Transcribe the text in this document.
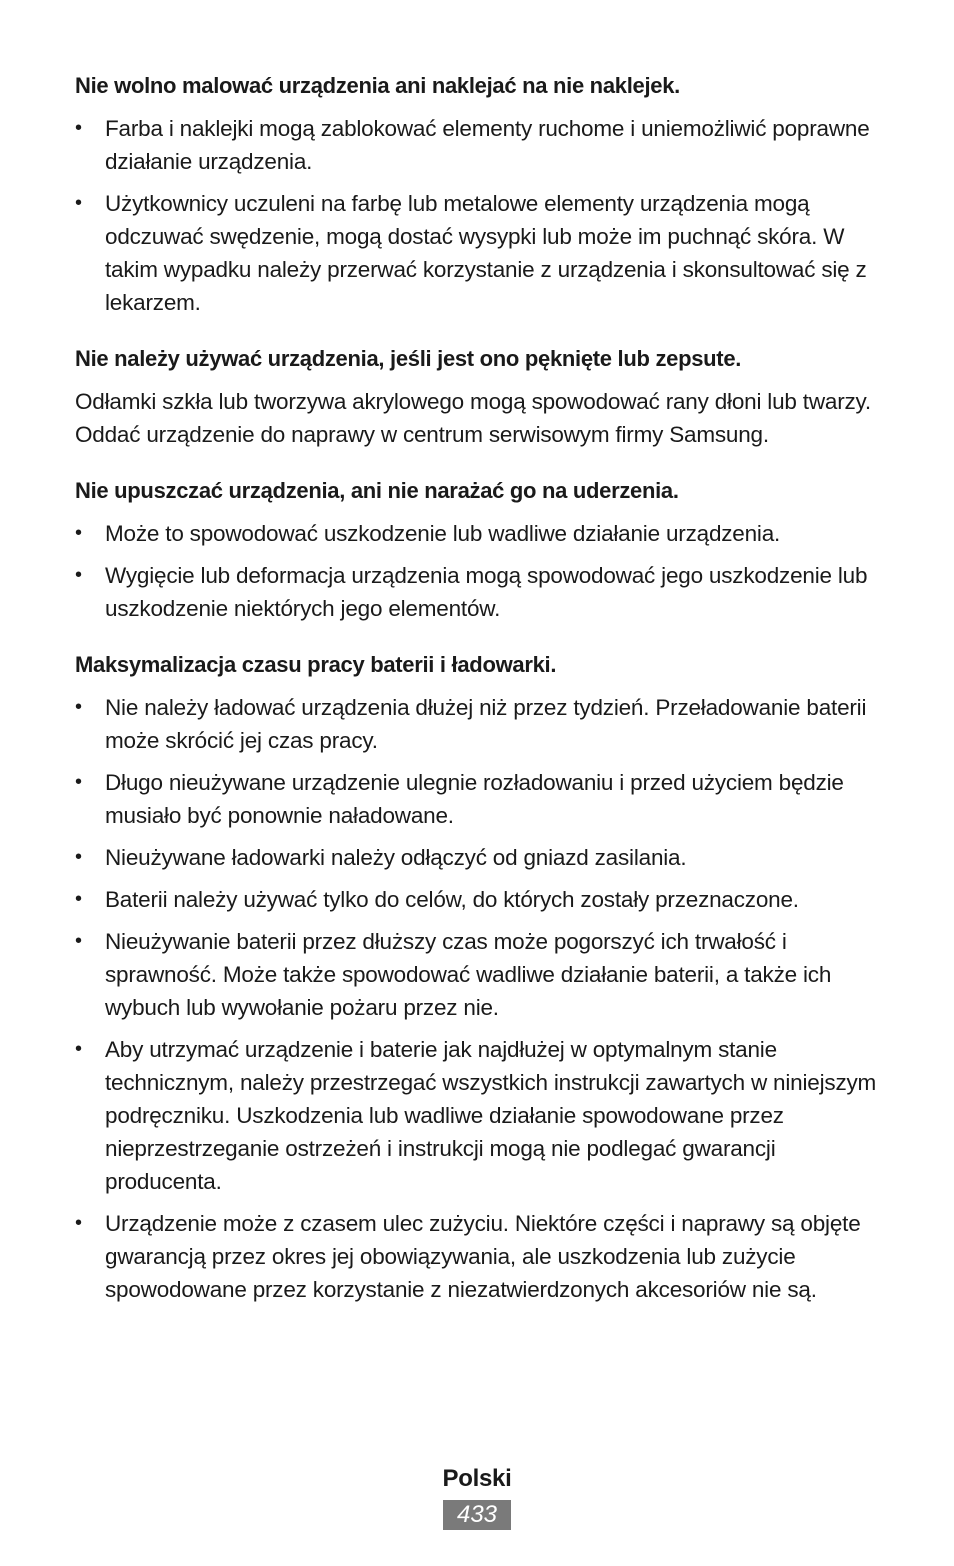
Nie wolno malować urządzenia ani naklejać na nie naklejek.
• Farba i naklejki mogą zablokować elementy ruchome i uniemożliwić poprawne działanie urządzenia.
• Użytkownicy uczuleni na farbę lub metalowe elementy urządzenia mogą odczuwać swędzenie, mogą dostać wysypki lub może im puchnąć skóra. W takim wypadku należy przerwać korzystanie z urządzenia i skonsultować się z lekarzem.
Nie należy używać urządzenia, jeśli jest ono pęknięte lub zepsute.
Odłamki szkła lub tworzywa akrylowego mogą spowodować rany dłoni lub twarzy. Oddać urządzenie do naprawy w centrum serwisowym firmy Samsung.
Nie upuszczać urządzenia, ani nie narażać go na uderzenia.
• Może to spowodować uszkodzenie lub wadliwe działanie urządzenia.
• Wygięcie lub deformacja urządzenia mogą spowodować jego uszkodzenie lub uszkodzenie niektórych jego elementów.
Maksymalizacja czasu pracy baterii i ładowarki.
• Nie należy ładować urządzenia dłużej niż przez tydzień. Przeładowanie baterii może skrócić jej czas pracy.
• Długo nieużywane urządzenie ulegnie rozładowaniu i przed użyciem będzie musiało być ponownie naładowane.
• Nieużywane ładowarki należy odłączyć od gniazd zasilania.
• Baterii należy używać tylko do celów, do których zostały przeznaczone.
• Nieużywanie baterii przez dłuższy czas może pogorszyć ich trwałość i sprawność. Może także spowodować wadliwe działanie baterii, a także ich wybuch lub wywołanie pożaru przez nie.
• Aby utrzymać urządzenie i baterie jak najdłużej w optymalnym stanie technicznym, należy przestrzegać wszystkich instrukcji zawartych w niniejszym podręczniku. Uszkodzenia lub wadliwe działanie spowodowane przez nieprzestrzeganie ostrzeżeń i instrukcji mogą nie podlegać gwarancji producenta.
• Urządzenie może z czasem ulec zużyciu. Niektóre części i naprawy są objęte gwarancją przez okres jej obowiązywania, ale uszkodzenia lub zużycie spowodowane przez korzystanie z niezatwierdzonych akcesoriów nie są.
Polski
433
